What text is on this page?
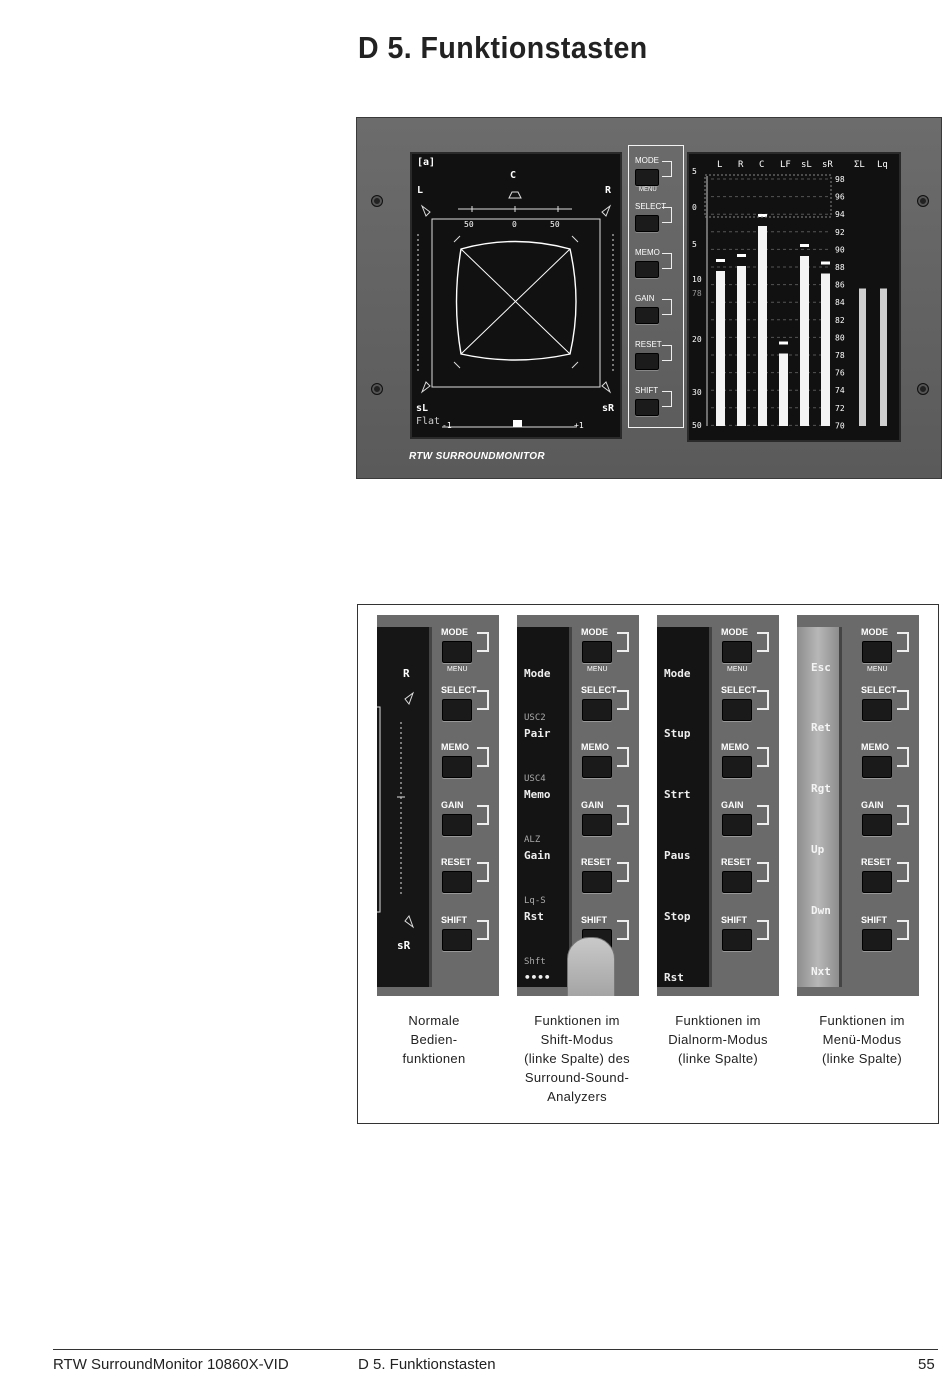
D 5. Funktionstasten
[a]
C
L	R
50	0	50
sL	sR
Flat -1	+1
MODE
MENU
SELECT
MEMO
GAIN
RESET
SHIFT
L R C LF sL sR ΣL Lq
5
0
5
10
20
30
50
78
98
96
94
92
90
88
86
84
82
80
78
76
74
72
70
RTW SURROUNDMONITOR
R
sR
MODE
MENU
SELECT
MEMO
GAIN
RESET
SHIFT
Mode
USC2
Pair
USC4
Memo
ALZ
Gain
Lq-S
Rst
Shft
••••
MODE
MENU
SELECT
MEMO
GAIN
RESET
SHIFT
Mode
Stup
Strt
Paus
Stop
Rst
MODE
MENU
SELECT
MEMO
GAIN
RESET
SHIFT
Esc
Ret
Rgt
Up
Dwn
Nxt
MODE
MENU
SELECT
MEMO
GAIN
RESET
SHIFT
Normale
Bedien-
funktionen
Funktionen im
Shift-Modus
(linke Spalte) des
Surround-Sound-
Analyzers
Funktionen im
Dialnorm-Modus
(linke Spalte)
Funktionen im
Menü-Modus
(linke Spalte)
RTW SurroundMonitor 10860X-VID	D 5. Funktionstasten	55
